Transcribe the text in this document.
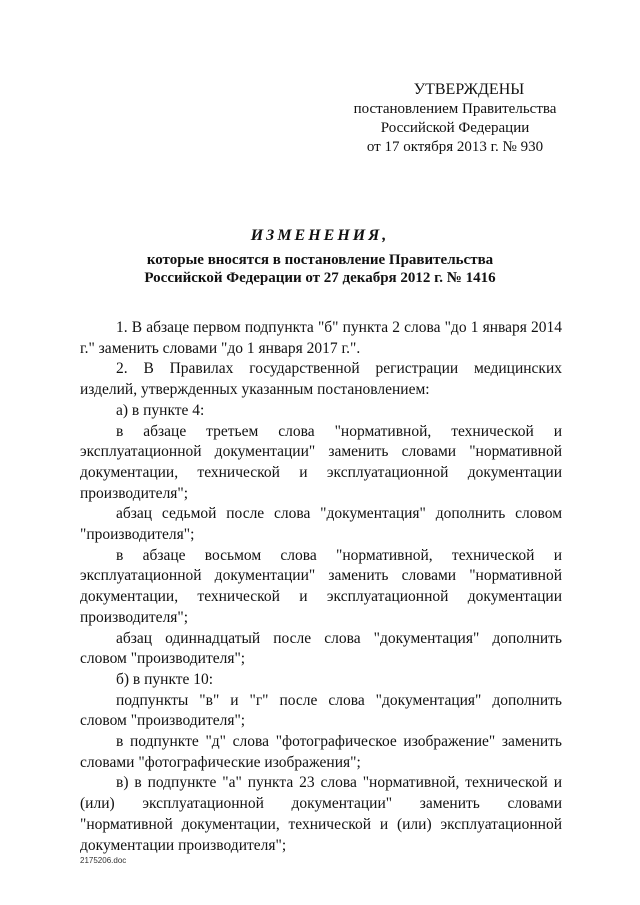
УТВЕРЖДЕНЫ
постановлением Правительства
Российской Федерации
от 17 октября 2013 г. № 930
ИЗМЕНЕНИЯ,
которые вносятся в постановление Правительства
Российской Федерации от 27 декабря 2012 г. № 1416

1. В абзаце первом подпункта "б" пункта 2 слова "до 1 января 2014 г." заменить словами "до 1 января 2017 г.".

2. В Правилах государственной регистрации медицинских изделий, утвержденных указанным постановлением:

а) в пункте 4:

в абзаце третьем слова "нормативной, технической и эксплуатационной документации" заменить словами "нормативной документации, технической и эксплуатационной документации производителя";

абзац седьмой после слова "документация" дополнить словом "производителя";

в абзаце восьмом слова "нормативной, технической и эксплуатационной документации" заменить словами "нормативной документации, технической и эксплуатационной документации производителя";

абзац одиннадцатый после слова "документация" дополнить словом "производителя";

б) в пункте 10:

подпункты "в" и "г" после слова "документация" дополнить словом "производителя";

в подпункте "д" слова "фотографическое изображение" заменить словами "фотографические изображения";

в) в подпункте "а" пункта 23 слова "нормативной, технической и (или) эксплуатационной документации" заменить словами "нормативной документации, технической и (или) эксплуатационной документации производителя";

2175206.doc
